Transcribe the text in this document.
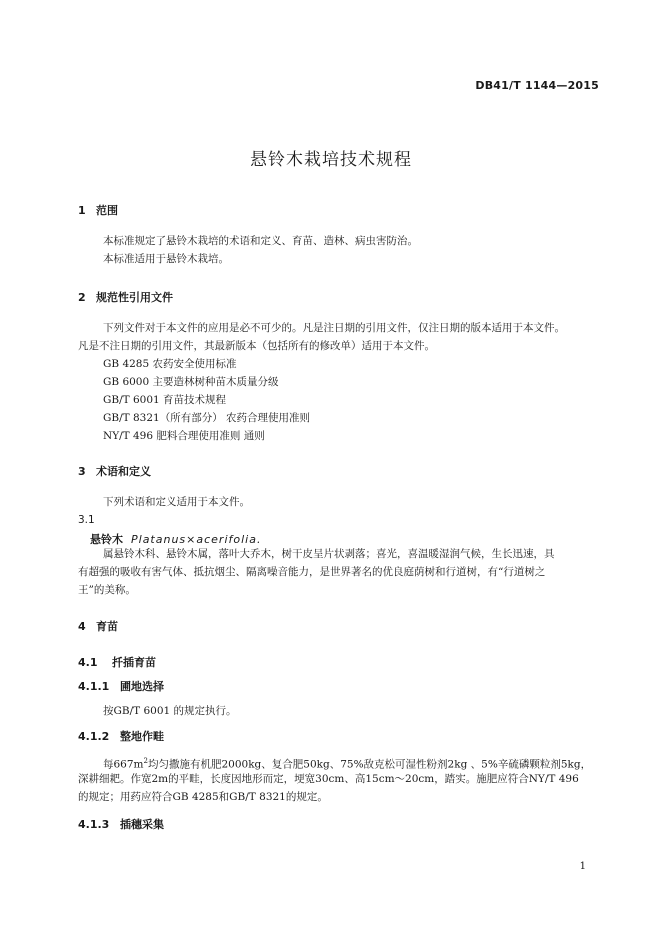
DB41/T 1144—2015
悬铃木栽培技术规程
1 范围
本标准规定了悬铃木栽培的术语和定义、育苗、造林、病虫害防治。
本标准适用于悬铃木栽培。
2 规范性引用文件
下列文件对于本文件的应用是必不可少的。凡是注日期的引用文件，仅注日期的版本适用于本文件。
凡是不注日期的引用文件，其最新版本（包括所有的修改单）适用于本文件。
GB 4285 农药安全使用标准
GB 6000 主要造林树种苗木质量分级
GB/T 6001 育苗技术规程
GB/T 8321（所有部分） 农药合理使用准则
NY/T 496 肥料合理使用准则 通则
3 术语和定义
下列术语和定义适用于本文件。
3.1
悬铃木 Platanus×acerifolia.
属悬铃木科、悬铃木属，落叶大乔木，树干皮呈片状剥落；喜光，喜温暖湿润气候，生长迅速，具
有超强的吸收有害气体、抵抗烟尘、隔离噪音能力，是世界著名的优良庭荫树和行道树，有“行道树之
王”的美称。
4 育苗
4.1 扦插育苗
4.1.1 圃地选择
按GB/T 6001 的规定执行。
4.1.2 整地作畦
每$667m^2$均匀撒施有机肥2000kg、复合肥50kg、75%敌克松可湿性粉剂2kg 、5%辛硫磷颗粒剂5kg，
深耕细耙。作宽2m的平畦，长度因地形而定，埂宽30cm、高15cm～20cm，踏实。施肥应符合NY/T 496
的规定；用药应符合GB 4285和GB/T 8321的规定。
4.1.3 插穗采集
1
